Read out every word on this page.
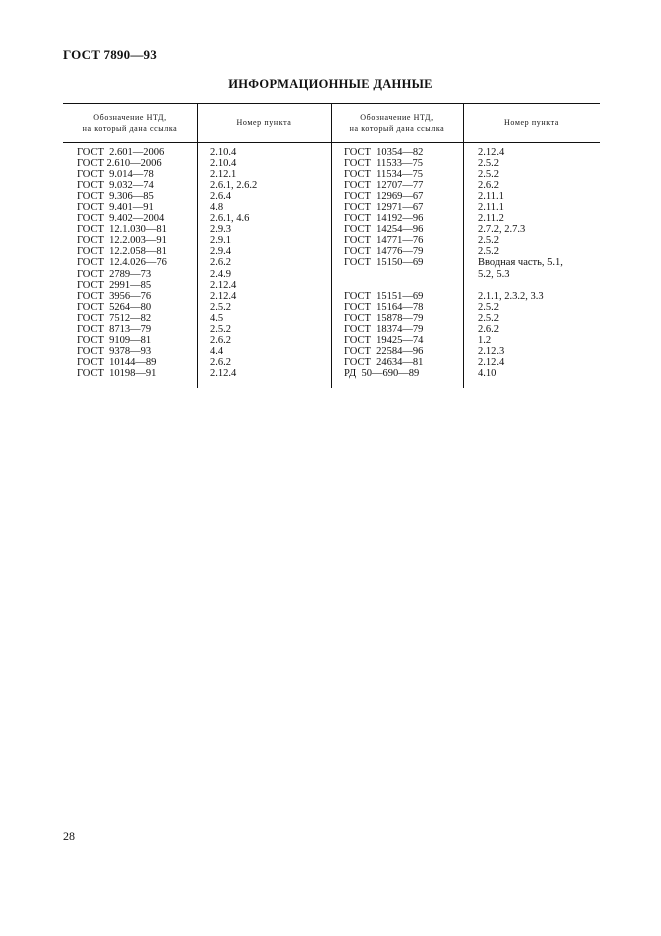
ГОСТ 7890—93
ИНФОРМАЦИОННЫЕ ДАННЫЕ
Обозначение НТД,
на который дана ссылка
Номер пункта
Обозначение НТД,
на который дана ссылка
Номер пункта
ГОСТ  2.601—2006
ГОСТ 2.610—2006
ГОСТ  9.014—78
ГОСТ  9.032—74
ГОСТ  9.306—85
ГОСТ  9.401—91
ГОСТ  9.402—2004
ГОСТ  12.1.030—81
ГОСТ  12.2.003—91
ГОСТ  12.2.058—81
ГОСТ  12.4.026—76
ГОСТ  2789—73
ГОСТ  2991—85
ГОСТ  3956—76
ГОСТ  5264—80
ГОСТ  7512—82
ГОСТ  8713—79
ГОСТ  9109—81
ГОСТ  9378—93
ГОСТ  10144—89
ГОСТ  10198—91
2.10.4
2.10.4
2.12.1
2.6.1, 2.6.2
2.6.4
4.8
2.6.1, 4.6
2.9.3
2.9.1
2.9.4
2.6.2
2.4.9
2.12.4
2.12.4
2.5.2
4.5
2.5.2
2.6.2
4.4
2.6.2
2.12.4
ГОСТ  10354—82
ГОСТ  11533—75
ГОСТ  11534—75
ГОСТ  12707—77
ГОСТ  12969—67
ГОСТ  12971—67
ГОСТ  14192—96
ГОСТ  14254—96
ГОСТ  14771—76
ГОСТ  14776—79
ГОСТ  15150—69
ГОСТ  15151—69
ГОСТ  15164—78
ГОСТ  15878—79
ГОСТ  18374—79
ГОСТ  19425—74
ГОСТ  22584—96
ГОСТ  24634—81
РД  50—690—89
2.12.4
2.5.2
2.5.2
2.6.2
2.11.1
2.11.1
2.11.2
2.7.2, 2.7.3
2.5.2
2.5.2
Вводная часть, 5.1,
5.2, 5.3
2.1.1, 2.3.2, 3.3
2.5.2
2.5.2
2.6.2
1.2
2.12.3
2.12.4
4.10
28
